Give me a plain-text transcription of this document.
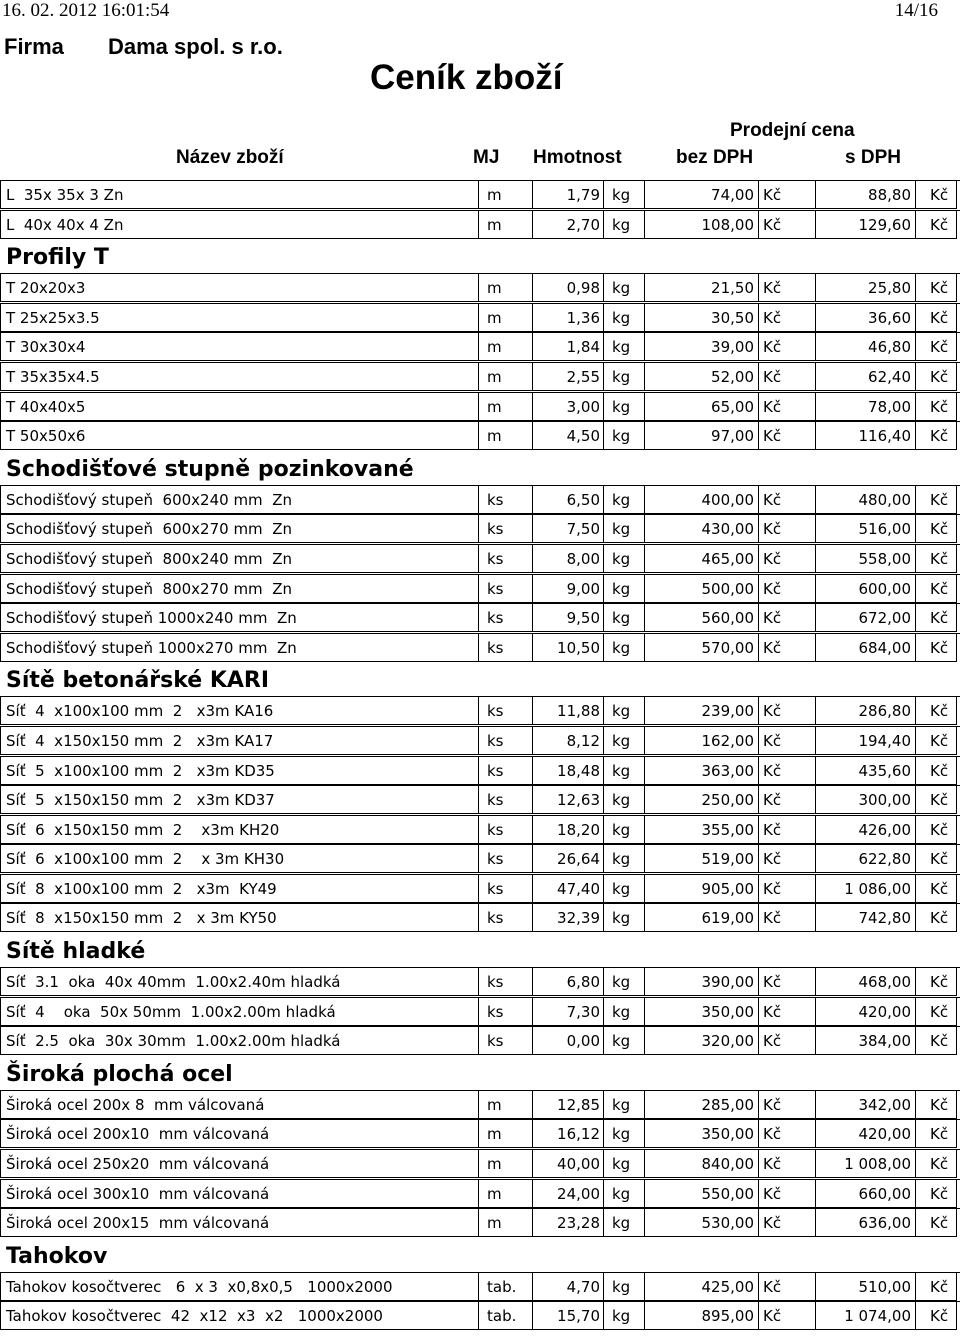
16. 02. 2012 16:01:54	14/16
Firma Dama spol. s r.o.
Ceník zboží
Prodejní cena
Název zboží	MJ Hmotnost	bez DPH	s DPH
L  35x 35x 3 Zn	m	1,79 kg	74,00 Kč	88,80	Kč
L  40x 40x 4 Zn	m	2,70 kg	108,00 Kč	129,60	Kč
Profily T
T 20x20x3	m	0,98 kg	21,50 Kč	25,80	Kč
T 25x25x3.5	m	1,36 kg	30,50 Kč	36,60	Kč
T 30x30x4	m	1,84 kg	39,00 Kč	46,80	Kč
T 35x35x4.5	m	2,55 kg	52,00 Kč	62,40	Kč
T 40x40x5	m	3,00 kg	65,00 Kč	78,00	Kč
T 50x50x6	m	4,50 kg	97,00 Kč	116,40	Kč
Schodišťové stupně pozinkované
Schodišťový stupeň  600x240 mm  Zn	ks	6,50 kg	400,00 Kč	480,00	Kč
Schodišťový stupeň  600x270 mm  Zn	ks	7,50 kg	430,00 Kč	516,00	Kč
Schodišťový stupeň  800x240 mm  Zn	ks	8,00 kg	465,00 Kč	558,00	Kč
Schodišťový stupeň  800x270 mm  Zn	ks	9,00 kg	500,00 Kč	600,00	Kč
Schodišťový stupeň 1000x240 mm  Zn	ks	9,50 kg	560,00 Kč	672,00	Kč
Schodišťový stupeň 1000x270 mm  Zn	ks	10,50 kg	570,00 Kč	684,00	Kč
Sítě betonářské KARI
Síť  4  x100x100 mm  2   x3m KA16	ks	11,88 kg	239,00 Kč	286,80	Kč
Síť  4  x150x150 mm  2   x3m KA17	ks	8,12 kg	162,00 Kč	194,40	Kč
Síť  5  x100x100 mm  2   x3m KD35	ks	18,48 kg	363,00 Kč	435,60	Kč
Síť  5  x150x150 mm  2   x3m KD37	ks	12,63 kg	250,00 Kč	300,00	Kč
Síť  6  x150x150 mm  2    x3m KH20	ks	18,20 kg	355,00 Kč	426,00	Kč
Síť  6  x100x100 mm  2    x 3m KH30	ks	26,64 kg	519,00 Kč	622,80	Kč
Síť  8  x100x100 mm  2   x3m  KY49	ks	47,40 kg	905,00 Kč	1 086,00	Kč
Síť  8  x150x150 mm  2   x 3m KY50	ks	32,39 kg	619,00 Kč	742,80	Kč
Sítě hladké
Síť  3.1  oka  40x 40mm  1.00x2.40m hladká	ks	6,80 kg	390,00 Kč	468,00	Kč
Síť  4    oka  50x 50mm  1.00x2.00m hladká	ks	7,30 kg	350,00 Kč	420,00	Kč
Síť  2.5  oka  30x 30mm  1.00x2.00m hladká	ks	0,00 kg	320,00 Kč	384,00	Kč
Široká plochá ocel
Široká ocel 200x 8  mm válcovaná	m	12,85 kg	285,00 Kč	342,00	Kč
Široká ocel 200x10  mm válcovaná	m	16,12 kg	350,00 Kč	420,00	Kč
Široká ocel 250x20  mm válcovaná	m	40,00 kg	840,00 Kč	1 008,00	Kč
Široká ocel 300x10  mm válcovaná	m	24,00 kg	550,00 Kč	660,00	Kč
Široká ocel 200x15  mm válcovaná	m	23,28 kg	530,00 Kč	636,00	Kč
Tahokov
Tahokov kosočtverec   6  x 3  x0,8x0,5   1000x2000	tab.	4,70 kg	425,00 Kč	510,00	Kč
Tahokov kosočtverec  42  x12  x3  x2   1000x2000	tab.	15,70 kg	895,00 Kč	1 074,00	Kč
